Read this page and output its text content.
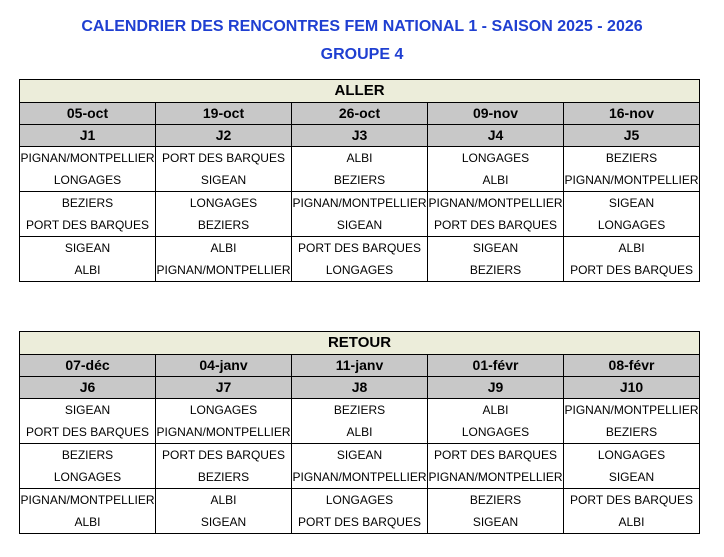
CALENDRIER DES RENCONTRES FEM NATIONAL 1 - SAISON 2025 - 2026
GROUPE 4
ALLER				
05-oct	19-oct	26-oct	09-nov	16-nov
J1	J2	J3	J4	J5
PIGNAN/MONTPELLIER	PORT DES BARQUES	ALBI	LONGAGES	BEZIERS
LONGAGES	SIGEAN	BEZIERS	ALBI	PIGNAN/MONTPELLIER
BEZIERS	LONGAGES	PIGNAN/MONTPELLIER	PIGNAN/MONTPELLIER	SIGEAN
PORT DES BARQUES	BEZIERS	SIGEAN	PORT DES BARQUES	LONGAGES
SIGEAN	ALBI	PORT DES BARQUES	SIGEAN	ALBI
ALBI	PIGNAN/MONTPELLIER	LONGAGES	BEZIERS	PORT DES BARQUES
RETOUR				
07-déc	04-janv	11-janv	01-févr	08-févr
J6	J7	J8	J9	J10
SIGEAN	LONGAGES	BEZIERS	ALBI	PIGNAN/MONTPELLIER
PORT DES BARQUES	PIGNAN/MONTPELLIER	ALBI	LONGAGES	BEZIERS
BEZIERS	PORT DES BARQUES	SIGEAN	PORT DES BARQUES	LONGAGES
LONGAGES	BEZIERS	PIGNAN/MONTPELLIER	PIGNAN/MONTPELLIER	SIGEAN
PIGNAN/MONTPELLIER	ALBI	LONGAGES	BEZIERS	PORT DES BARQUES
ALBI	SIGEAN	PORT DES BARQUES	SIGEAN	ALBI
